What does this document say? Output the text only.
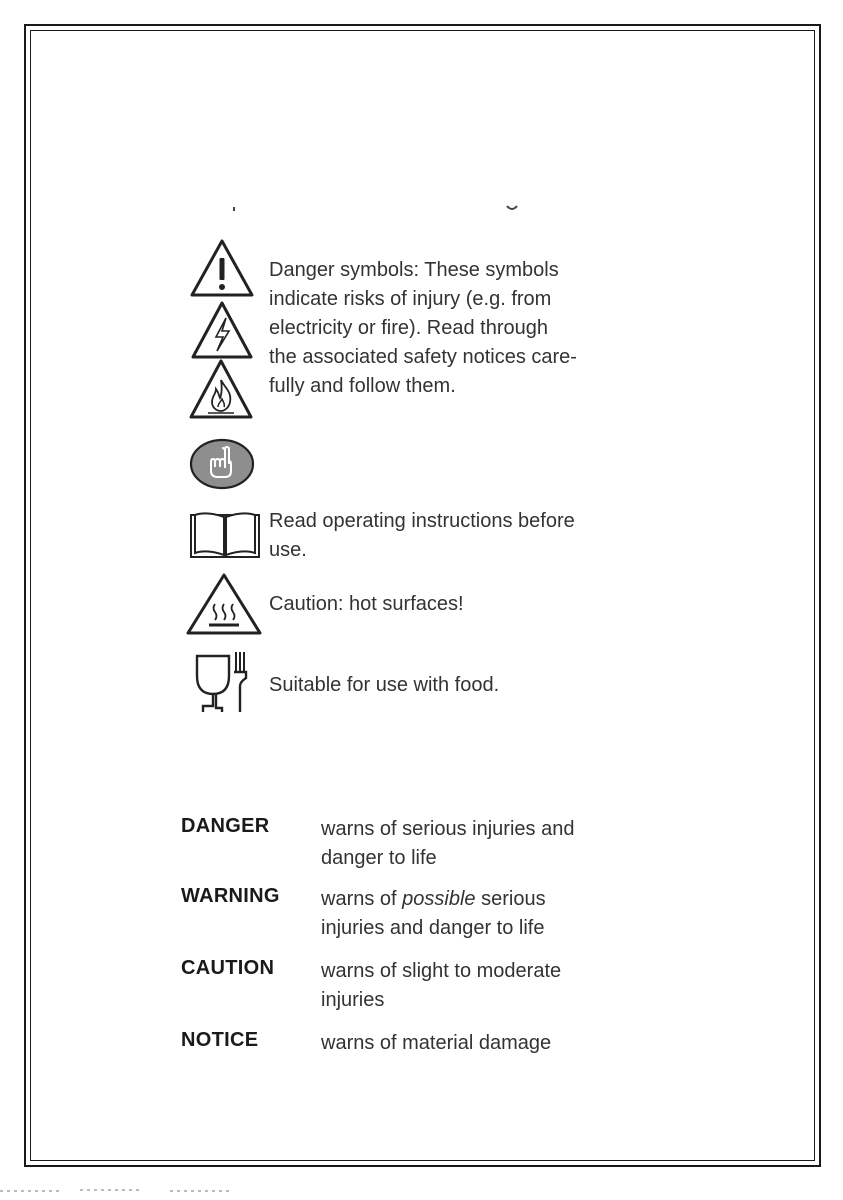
Danger symbols: These symbols
indicate risks of injury (e.g. from
electricity or fire). Read through
the associated safety notices care-
fully and follow them.
Read operating instructions before
use.
Caution: hot surfaces!
Suitable for use with food.
DANGER	warns of serious injuries and
danger to life
WARNING warns of possible serious
injuries and danger to life
CAUTION warns of slight to moderate
injuries
NOTICE	warns of material damage
